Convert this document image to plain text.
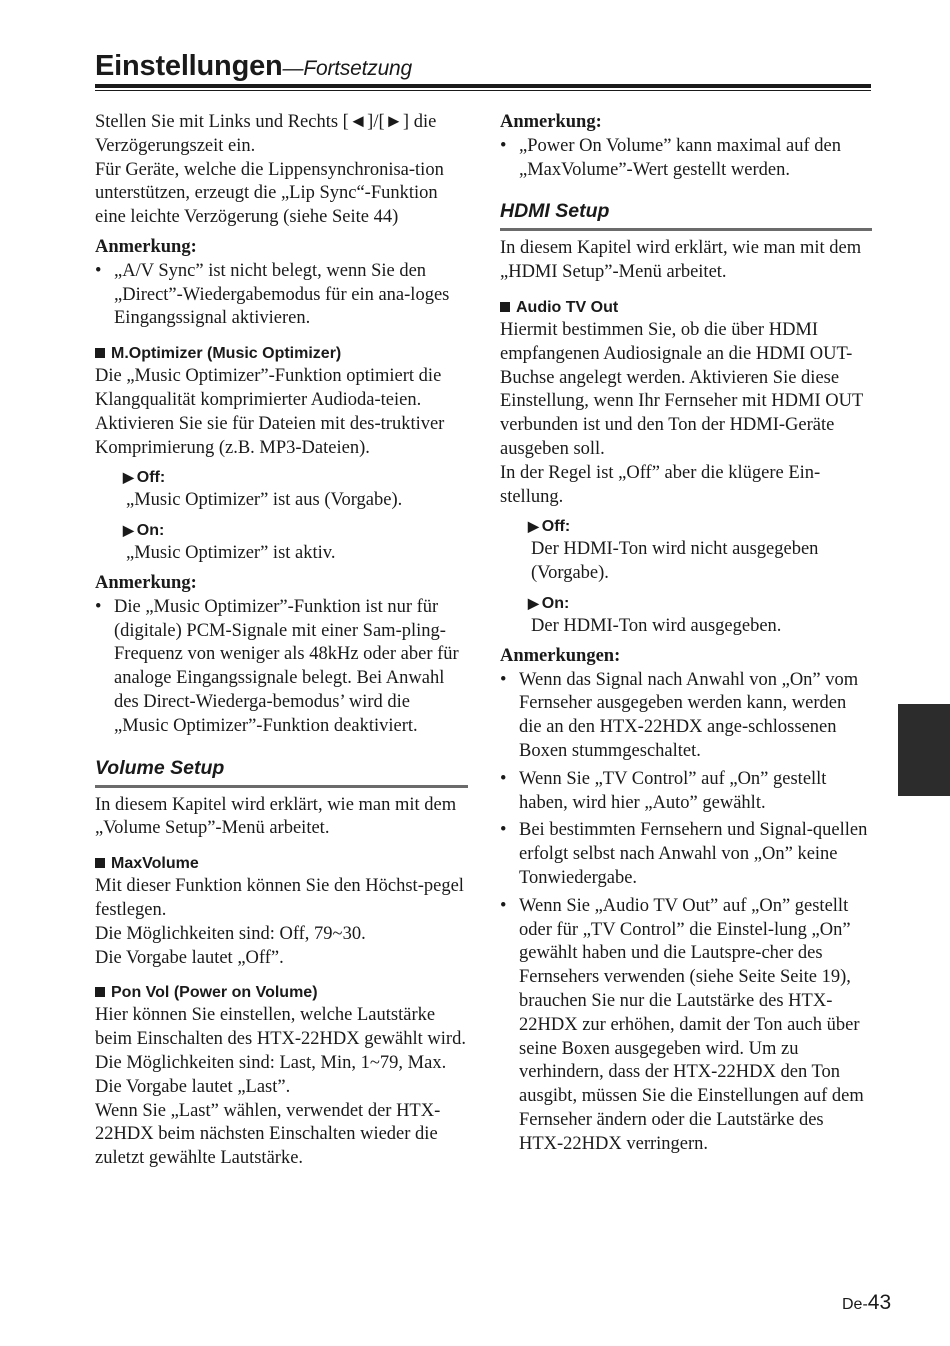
Einstellungen—Fortsetzung

Stellen Sie mit Links und Rechts [◄]/[►] die Verzögerungszeit ein.

Für Geräte, welche die Lippensynchronisa-tion unterstützen, erzeugt die „Lip Sync“-Funktion eine leichte Verzögerung (siehe Seite 44)

Anmerkung:

• „A/V Sync” ist nicht belegt, wenn Sie den „Direct”-Wiedergabemodus für ein ana-loges Eingangssignal aktivieren.
M.Optimizer (Music Optimizer)

Die „Music Optimizer”-Funktion optimiert die Klangqualität komprimierter Audioda-teien. Aktivieren Sie sie für Dateien mit des-truktiver Komprimierung (z.B. MP3-Dateien).

▶ Off:

„Music Optimizer” ist aus (Vorgabe).

▶ On:

„Music Optimizer” ist aktiv.

Anmerkung:

• Die „Music Optimizer”-Funktion ist nur für (digitale) PCM-Signale mit einer Sam-pling-Frequenz von weniger als 48kHz oder aber für analoge Eingangssignale belegt. Bei Anwahl des Direct-Wiederga-bemodus’ wird die „Music Optimizer”-Funktion deaktiviert.
Volume Setup

In diesem Kapitel wird erklärt, wie man mit dem „Volume Setup”-Menü arbeitet.

MaxVolume

Mit dieser Funktion können Sie den Höchst-pegel festlegen.

Die Möglichkeiten sind: Off, 79~30.

Die Vorgabe lautet „Off”.

Pon Vol (Power on Volume)

Hier können Sie einstellen, welche Lautstärke beim Einschalten des HTX-22HDX gewählt wird.

Die Möglichkeiten sind: Last, Min, 1~79, Max. Die Vorgabe lautet „Last”.

Wenn Sie „Last” wählen, verwendet der HTX-22HDX beim nächsten Einschalten wieder die zuletzt gewählte Lautstärke.

Anmerkung:

• „Power On Volume” kann maximal auf den „MaxVolume”-Wert gestellt werden.
HDMI Setup

In diesem Kapitel wird erklärt, wie man mit dem „HDMI Setup”-Menü arbeitet.

Audio TV Out

Hiermit bestimmen Sie, ob die über HDMI empfangenen Audiosignale an die HDMI OUT-Buchse angelegt werden. Aktivieren Sie diese Einstellung, wenn Ihr Fernseher mit HDMI OUT verbunden ist und den Ton der HDMI-Geräte ausgeben soll.

In der Regel ist „Off” aber die klügere Ein-stellung.

▶ Off:

Der HDMI-Ton wird nicht ausgegeben (Vorgabe).

▶ On:

Der HDMI-Ton wird ausgegeben.

Anmerkungen:

• Wenn das Signal nach Anwahl von „On” vom Fernseher ausgegeben werden kann, werden die an den HTX-22HDX ange-schlossenen Boxen stummgeschaltet.
• Wenn Sie „TV Control” auf „On” gestellt haben, wird hier „Auto” gewählt.
• Bei bestimmten Fernsehern und Signal-quellen erfolgt selbst nach Anwahl von „On” keine Tonwiedergabe.
• Wenn Sie „Audio TV Out” auf „On” gestellt oder für „TV Control” die Einstel-lung „On” gewählt haben und die Lautspre-cher des Fernsehers verwenden (siehe Seite Seite 19), brauchen Sie nur die Lautstärke des HTX-22HDX zur erhöhen, damit der Ton auch über seine Boxen ausgegeben wird. Um zu verhindern, dass der HTX-22HDX den Ton ausgibt, müssen Sie die Einstellungen auf dem Fernseher ändern oder die Lautstärke des HTX-22HDX verringern.
De-43
